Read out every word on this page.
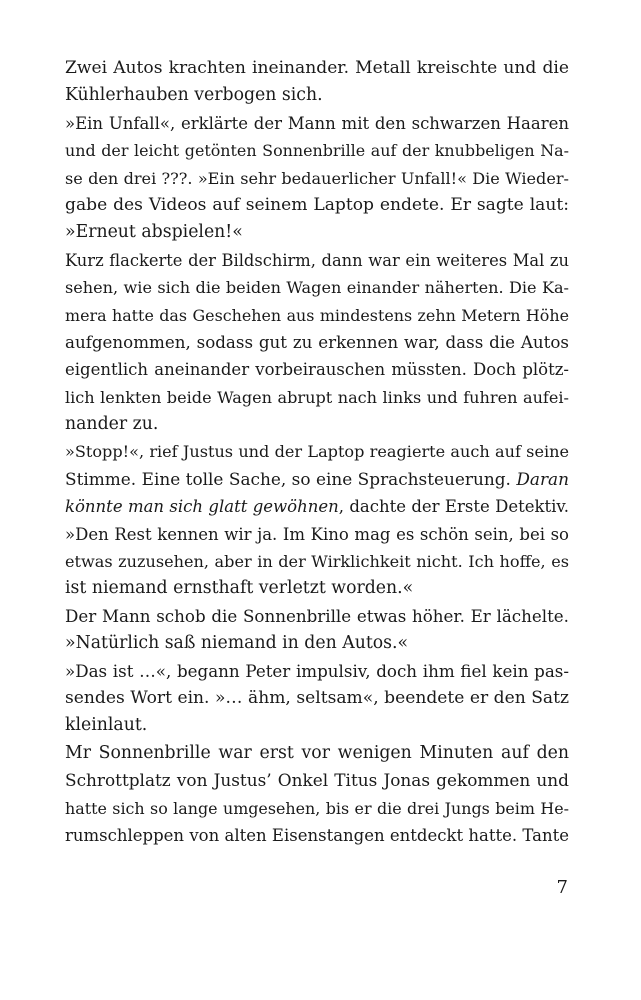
Zwei Autos krachten ineinander. Metall kreischte und die
Kühlerhauben verbogen sich.
»Ein Unfall«, erklärte der Mann mit den schwarzen Haaren
und der leicht getönten Sonnenbrille auf der knubbeligen Na-
se den drei ???. »Ein sehr bedauerlicher Unfall!« Die Wieder-
gabe des Videos auf seinem Laptop endete. Er sagte laut:
»Erneut abspielen!«
Kurz flackerte der Bildschirm, dann war ein weiteres Mal zu
sehen, wie sich die beiden Wagen einander näherten. Die Ka-
mera hatte das Geschehen aus mindestens zehn Metern Höhe
aufgenommen, sodass gut zu erkennen war, dass die Autos
eigentlich aneinander vorbeirauschen müssten. Doch plötz-
lich lenkten beide Wagen abrupt nach links und fuhren aufei-
nander zu.
»Stopp!«, rief Justus und der Laptop reagierte auch auf seine
Stimme. Eine tolle Sache, so eine Sprachsteuerung. Daran
könnte man sich glatt gewöhnen, dachte der Erste Detektiv.
»Den Rest kennen wir ja. Im Kino mag es schön sein, bei so
etwas zuzusehen, aber in der Wirklichkeit nicht. Ich hoffe, es
ist niemand ernsthaft verletzt worden.«
Der Mann schob die Sonnenbrille etwas höher. Er lächelte.
»Natürlich saß niemand in den Autos.«
»Das ist …«, begann Peter impulsiv, doch ihm fiel kein pas-
sendes Wort ein. »… ähm, seltsam«, beendete er den Satz
kleinlaut.
Mr Sonnenbrille war erst vor wenigen Minuten auf den
Schrottplatz von Justus’ Onkel Titus Jonas gekommen und
hatte sich so lange umgesehen, bis er die drei Jungs beim He-
rumschleppen von alten Eisenstangen entdeckt hatte. Tante
7
